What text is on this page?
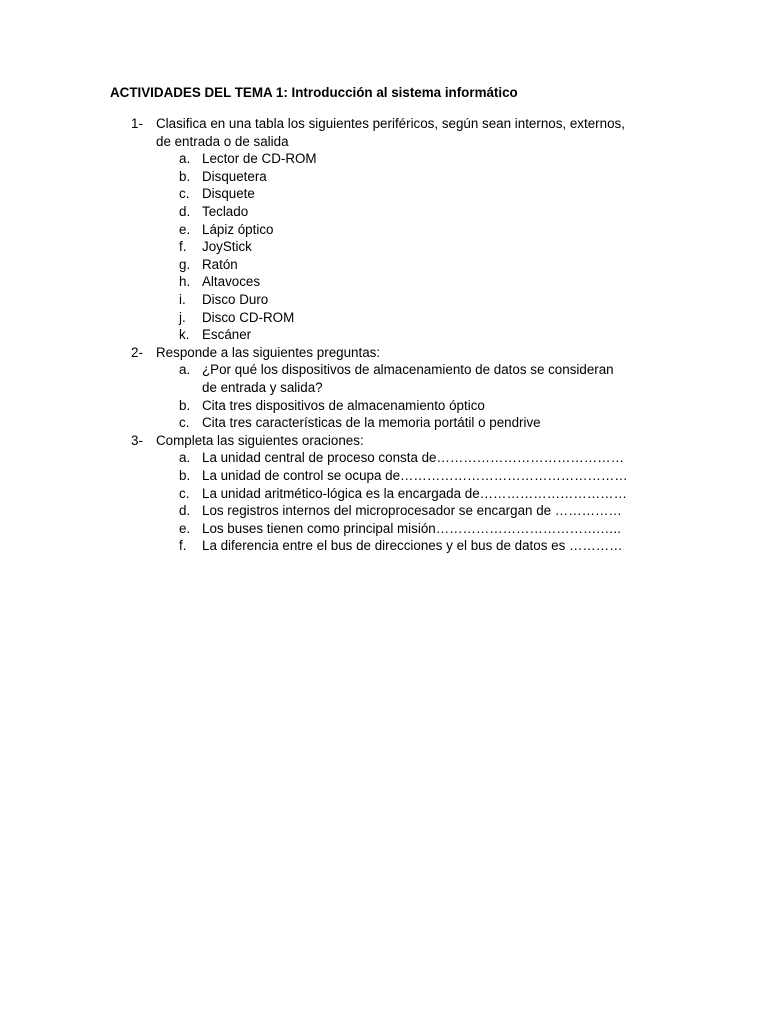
ACTIVIDADES DEL TEMA 1: Introducción al sistema informático
1- Clasifica en una tabla los siguientes periféricos, según sean internos, externos,
de entrada o de salida
a. Lector de CD-ROM
b. Disquetera
c. Disquete
d. Teclado
e. Lápiz óptico
f. JoyStick
g. Ratón
h. Altavoces
i. Disco Duro
j. Disco CD-ROM
k. Escáner
2- Responde a las siguientes preguntas:
a. ¿Por qué los dispositivos de almacenamiento de datos se consideran
de entrada y salida?
b. Cita tres dispositivos de almacenamiento óptico
c. Cita tres características de la memoria portátil o pendrive
3- Completa las siguientes oraciones:
a. La unidad central de proceso consta de……………………………………
b. La unidad de control se ocupa de……………………………………………
c. La unidad aritmético-lógica es la encargada de……………………………
d. Los registros internos del microprocesador se encargan de ……………
e. Los buses tienen como principal misión……………………………….…..
f. La diferencia entre el bus de direcciones y el bus de datos es …………
